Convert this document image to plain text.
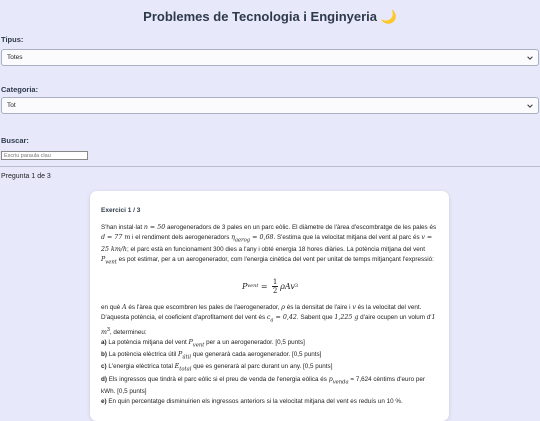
Problemes de Tecnologia i Enginyeria 🌙
Tipus:
Totes
Categoria:
Tot
Buscar:
Escriu paraula clau
Pregunta 1 de 3
Exercici 1 / 3

S'han instal·lat n = 50 aerogeneradors de 3 pales en un parc eòlic. El diàmetre de l'àrea d'escombratge de les pales és d = 77 m i el rendiment dels aerogeneradors $\eta_{aerog} = 0,68$. S'estima que la velocitat mitjana del vent al parc és v = 25 km/h; el parc està en funcionament 300 dies a l'any i obté energia 18 hores diàries. La potència mitjana del vent $P_{vent}$ es pot estimar, per a un aerogenerador, com l'energia cinètica del vent per unitat de temps mitjançant l'expressió:

P vent = $\frac{1}{2}$ ρAv 3

en què A és l'àrea que escombren les pales de l'aerogenerador, ρ és la densitat de l'aire i v és la velocitat del vent. D'aquesta potència, el coeficient d'aprofitament del vent és $c_a = 0,42$. Sabent que 1,225 g d'aire ocupen un volum d'1 $m^3$, determineu:

a) La potència mitjana del vent $P_{vent}$ per a un aerogenerador. [0,5 punts]

b) La potència elèctrica útil $P_{útil}$ que generarà cada aerogenerador. [0,5 punts]

c) L'energia elèctrica total $E_{total}$ que es generarà al parc durant un any. [0,5 punts]

d) Els ingressos que tindrà el parc eòlic si el preu de venda de l'energia eòlica és $p_{venda} = 7,624$ cèntims d'euro per kWh. [0,5 punts]

e) En quin percentatge disminuirien els ingressos anteriors si la velocitat mitjana del vent es reduís un 10 %.
